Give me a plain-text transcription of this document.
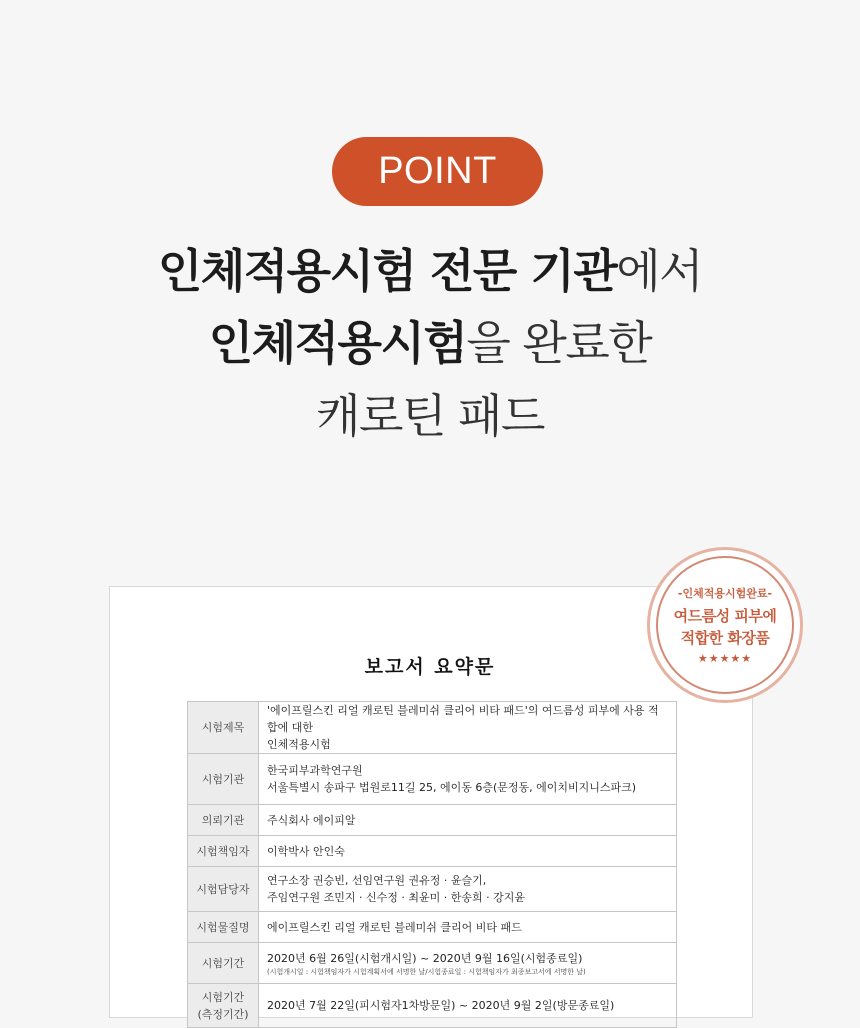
POINT
인체적용시험 전문 기관에서
인체적용시험을 완료한
캐로틴 패드
보고서 요약문
시험제목	'에이프릴스킨 리얼 캐로틴 블레미쉬 클리어 비타 패드'의 여드름성 피부에 사용 적합에 대한
인체적용시험

시험기관	한국피부과학연구원
서울특별시 송파구 법원로11길 25, 에이동 6층(문정동, 에이치비지니스파크)

의뢰기관	주식회사 에이피알

시험책임자	이학박사 안인숙

시험담당자	연구소장 권승빈, 선임연구원 권유정 · 윤슬기,
주임연구원 조민지 · 신수정 · 최윤미 · 한송희 · 강지윤

시험물질명	에이프릴스킨 리얼 캐로틴 블레미쉬 클리어 비타 패드

시험기간	2020년 6월 26일(시험개시일) ~ 2020년 9월 16일(시험종료일)
(시험개시일 : 시험책임자가 시험계획서에 서명한 날/시험종료일 : 시험책임자가 최종보고서에 서명한 날)

시험기간
(측정기간)	2020년 7월 22일(피시험자1차방문일) ~ 2020년 9월 2일(방문종료일)
-인체적용시험완료-
여드름성 피부에
적합한 화장품
★★★★★
